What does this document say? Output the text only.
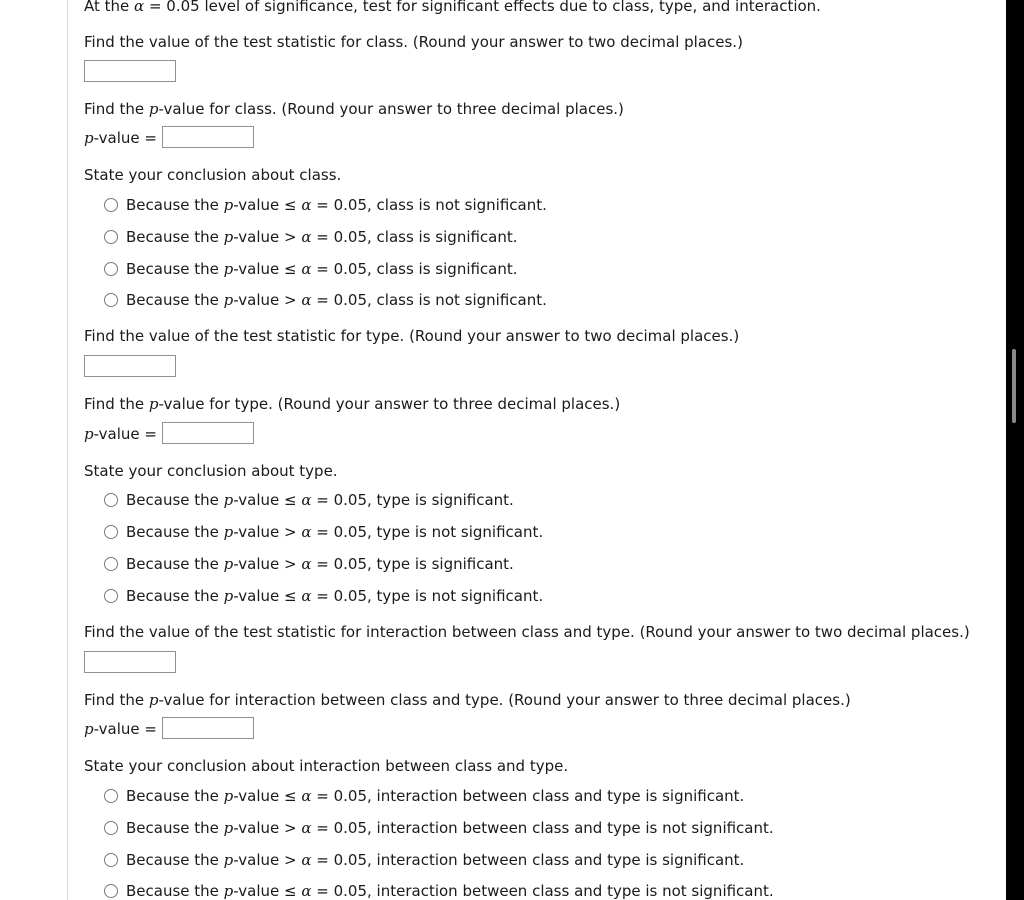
At the α = 0.05 level of significance, test for significant effects due to class, type, and interaction.
Find the value of the test statistic for class. (Round your answer to two decimal places.)
Find the p-value for class. (Round your answer to three decimal places.)
p-value =
State your conclusion about class.
Because the p-value ≤ α = 0.05, class is not significant.
Because the p-value > α = 0.05, class is significant.
Because the p-value ≤ α = 0.05, class is significant.
Because the p-value > α = 0.05, class is not significant.
Find the value of the test statistic for type. (Round your answer to two decimal places.)
Find the p-value for type. (Round your answer to three decimal places.)
p-value =
State your conclusion about type.
Because the p-value ≤ α = 0.05, type is significant.
Because the p-value > α = 0.05, type is not significant.
Because the p-value > α = 0.05, type is significant.
Because the p-value ≤ α = 0.05, type is not significant.
Find the value of the test statistic for interaction between class and type. (Round your answer to two decimal places.)
Find the p-value for interaction between class and type. (Round your answer to three decimal places.)
p-value =
State your conclusion about interaction between class and type.
Because the p-value ≤ α = 0.05, interaction between class and type is significant.
Because the p-value > α = 0.05, interaction between class and type is not significant.
Because the p-value > α = 0.05, interaction between class and type is significant.
Because the p-value ≤ α = 0.05, interaction between class and type is not significant.
